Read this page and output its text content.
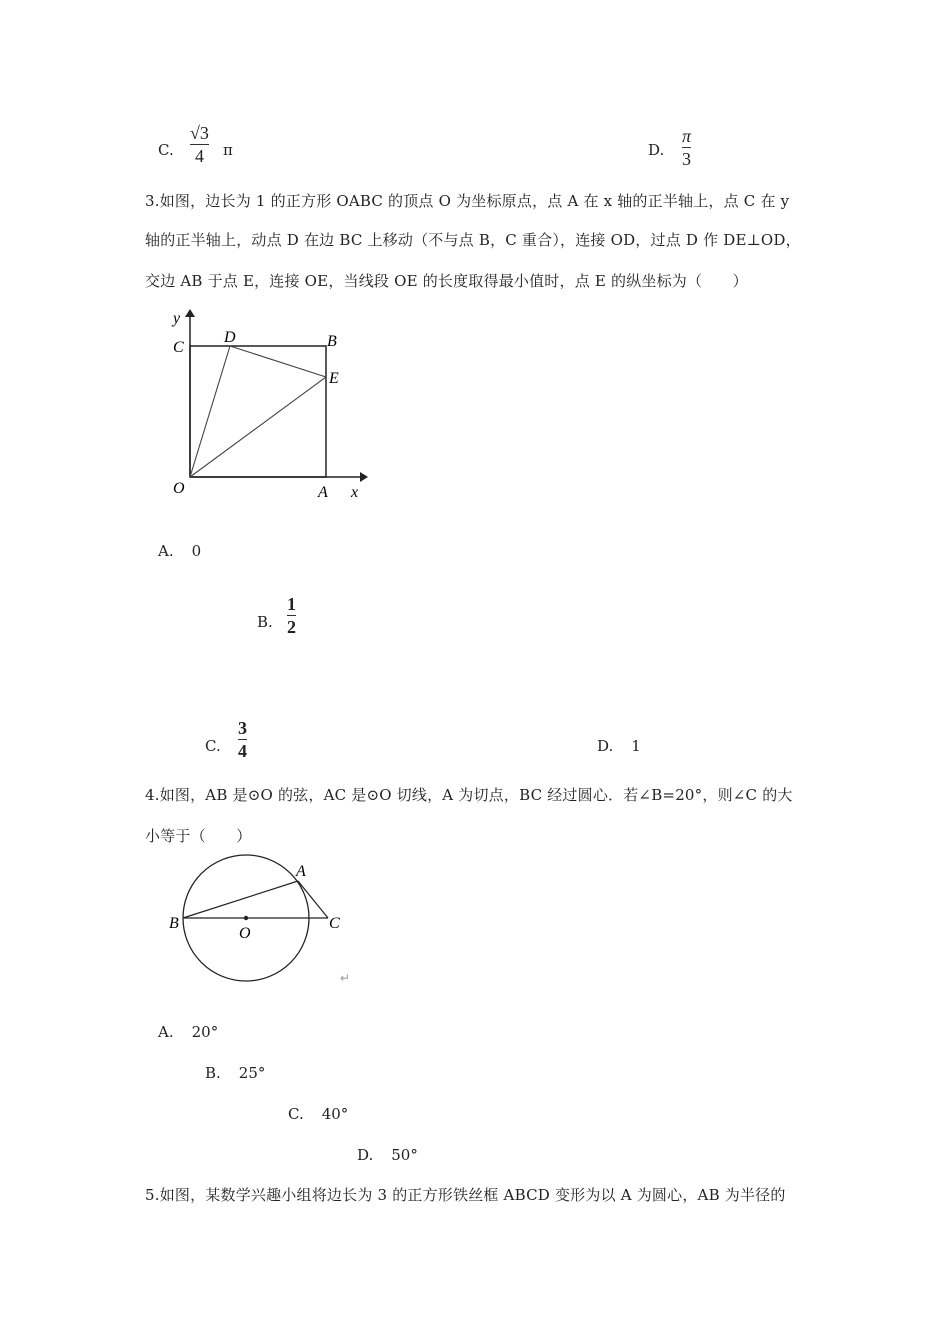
C.
√3
4 π	D.
π
3
3.如图，边长为 1 的正方形 OABC 的顶点 O 为坐标原点，点 A 在 x 轴的正半轴上，点 C 在 y
轴的正半轴上，动点 D 在边 BC 上移动（不与点 B，C 重合），连接 OD，过点 D 作 DE⊥OD，
交边 AB 于点 E，连接 OE，当线段 OE 的长度取得最小值时，点 E 的纵坐标为（　　）
y
C
D	B
E
O	A x
A. 0
B.
1
2
C.
3
4	D. 1
4.如图，AB 是⊙O 的弦，AC 是⊙O 切线，A 为切点，BC 经过圆心．若∠B=20°，则∠C 的大
小等于（　　）
A
B
O
C
↵
A. 20°
B. 25°
C. 40°
D. 50°
5.如图，某数学兴趣小组将边长为 3 的正方形铁丝框 ABCD 变形为以 A 为圆心，AB 为半径的
